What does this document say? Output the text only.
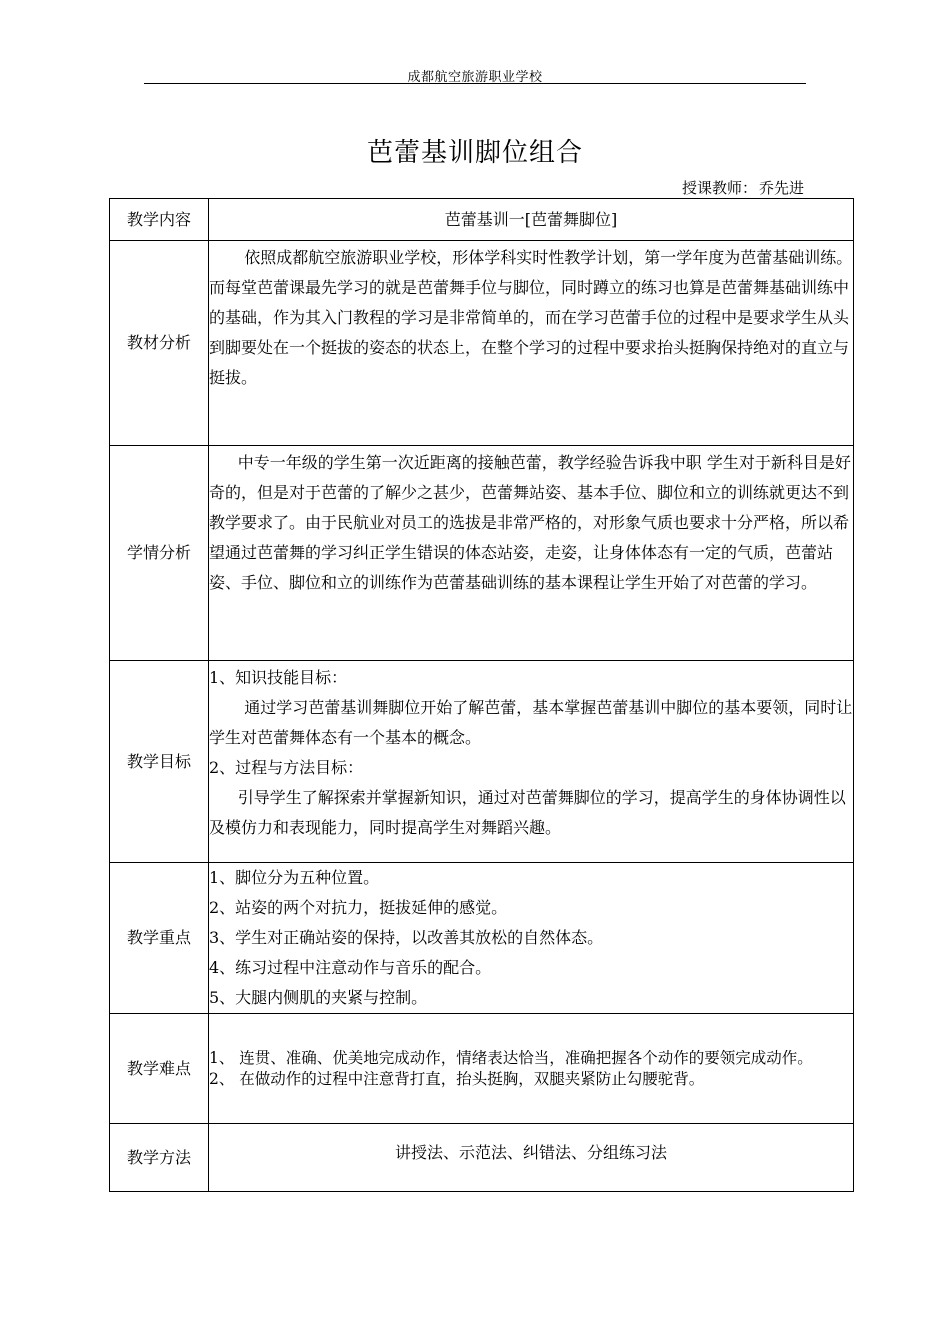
成都航空旅游职业学校
芭蕾基训脚位组合
授课教师： 乔先进
教学内容	芭蕾基训一[芭蕾舞脚位]
教材分析	依照成都航空旅游职业学校，形体学科实时性教学计划，第一学年度为芭蕾基础训练。而每堂芭蕾课最先学习的就是芭蕾舞手位与脚位，同时蹲立的练习也算是芭蕾舞基础训练中的基础，作为其入门教程的学习是非常简单的，而在学习芭蕾手位的过程中是要求学生从头到脚要处在一个挺拔的姿态的状态上，在整个学习的过程中要求抬头挺胸保持绝对的直立与挺拔。

学情分析	中专一年级的学生第一次近距离的接触芭蕾，教学经验告诉我中职 学生对于新科目是好奇的，但是对于芭蕾的了解少之甚少，芭蕾舞站姿、基本手位、脚位和立的训练就更达不到教学要求了。由于民航业对员工的选拔是非常严格的，对形象气质也要求十分严格，所以希望通过芭蕾舞的学习纠正学生错误的体态站姿，走姿，让身体体态有一定的气质，芭蕾站姿、手位、脚位和立的训练作为芭蕾基础训练的基本课程让学生开始了对芭蕾的学习。

教学目标	1、知识技能目标：
通过学习芭蕾基训舞脚位开始了解芭蕾，基本掌握芭蕾基训中脚位的基本要领，同时让学生对芭蕾舞体态有一个基本的概念。
2、过程与方法目标：
引导学生了解探索并掌握新知识，通过对芭蕾舞脚位的学习，提高学生的身体协调性以及模仿力和表现能力，同时提高学生对舞蹈兴趣。

教学重点	1、脚位分为五种位置。
2、站姿的两个对抗力，挺拔延伸的感觉。
3、学生对正确站姿的保持，以改善其放松的自然体态。
4、练习过程中注意动作与音乐的配合。
5、大腿内侧肌的夹紧与控制。

教学难点	1、 连贯、准确、优美地完成动作，情绪表达恰当，准确把握各个动作的要领完成动作。
2、 在做动作的过程中注意背打直，抬头挺胸，双腿夹紧防止勾腰驼背。

教学方法	讲授法、示范法、纠错法、分组练习法
